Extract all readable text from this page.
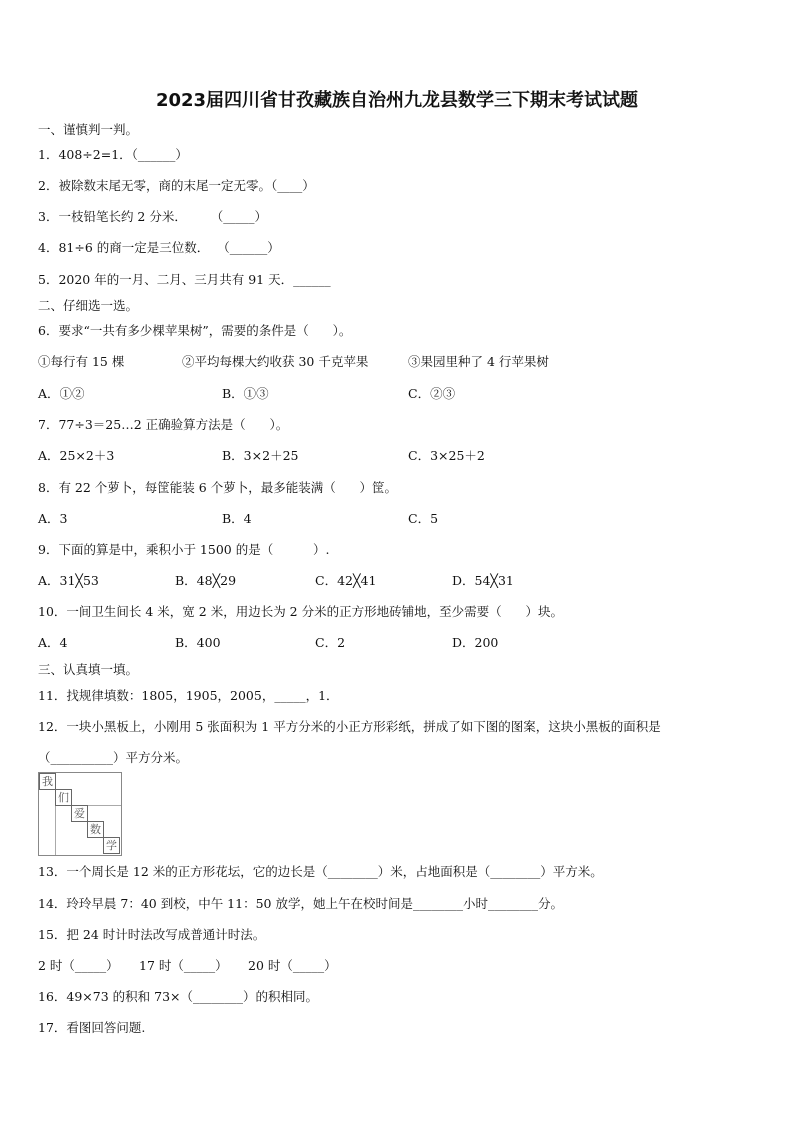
2023届四川省甘孜藏族自治州九龙县数学三下期末考试试题
一、谨慎判一判。
1．408÷2=1．（______）
2．被除数末尾无零，商的末尾一定无零。（____）
3．一枝铅笔长约 2 分米．      （_____）
4．81÷6 的商一定是三位数．  （______）
5．2020 年的一月、二月、三月共有 91 天．______
二、仔细选一选。
6．要求“一共有多少棵苹果树”，需要的条件是（      ）。
①每行有 15 棵	②平均每棵大约收获 30 千克苹果	③果园里种了 4 行苹果树
A．①②	B．①③	C．②③
7．77÷3＝25…2 正确验算方法是（      ）。
A．25×2＋3	B．3×2＋25	C．3×25＋2
8．有 22 个萝卜，每筐能装 6 个萝卜，最多能装满（      ）筐。
A．3	B．4	C．5
9．下面的算是中，乘积小于 1500 的是（          ）.
A．31╳53	B．48╳29	C．42╳41	D．54╳31
10．一间卫生间长 4 米，宽 2 米，用边长为 2 分米的正方形地砖铺地，至少需要（      ）块。
A．4	B．400	C．2	D．200
三、认真填一填。
11．找规律填数：1805，1905，2005，_____，1．
12．一块小黑板上，小刚用 5 张面积为 1 平方分米的小正方形彩纸，拼成了如下图的图案，这块小黑板的面积是
（__________）平方分米。
我
们
爱
数
学
13．一个周长是 12 米的正方形花坛，它的边长是（________）米，占地面积是（________）平方米。
14．玲玲早晨 7：40 到校，中午 11：50 放学，她上午在校时间是________小时________分。
15．把 24 时计时法改写成普通计时法。
2 时（_____） 17 时（_____） 20 时（_____）
16．49×73 的积和 73×（________）的积相同。
17．看图回答问题.
